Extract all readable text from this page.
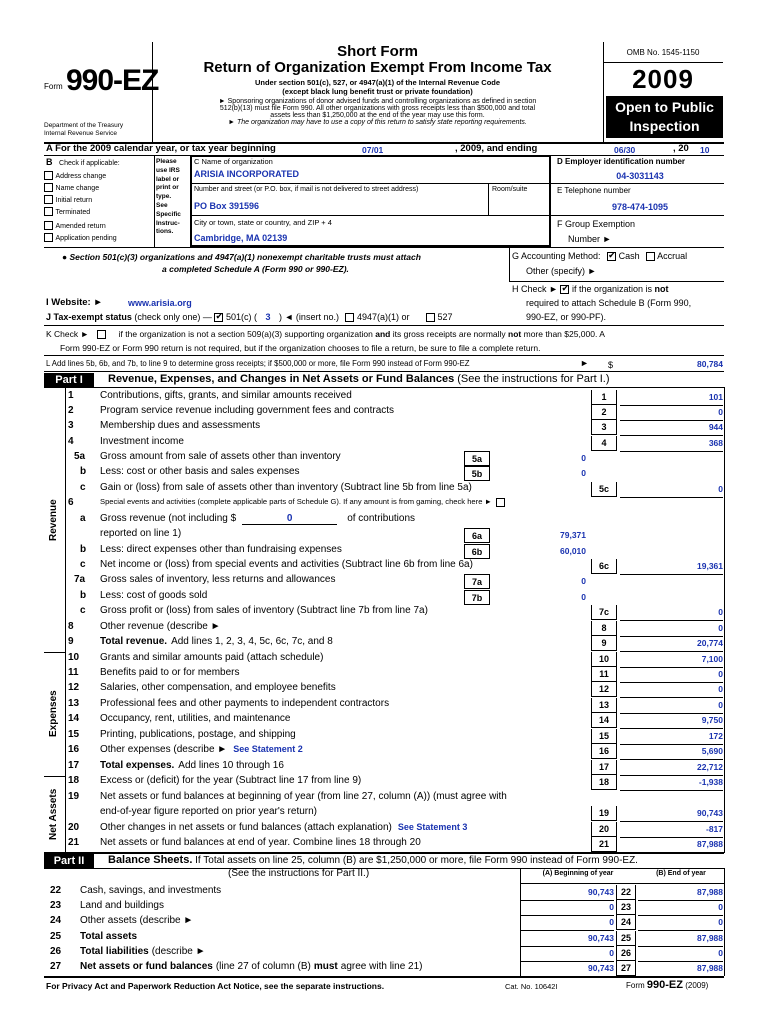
Form 990-EZ
Department of the Treasury
Internal Revenue Service
Short Form
Return of Organization Exempt From Income Tax
Under section 501(c), 527, or 4947(a)(1) of the Internal Revenue Code
(except black lung benefit trust or private foundation)
► Sponsoring organizations of donor advised funds and controlling organizations as defined in section
512(b)(13) must file Form 990. All other organizations with gross receipts less than $500,000 and total
assets less than $1,250,000 at the end of the year may use this form.
► The organization may have to use a copy of this return to satisfy state reporting requirements.
OMB No. 1545-1150
2009
Open to Public
Inspection
A For the 2009 calendar year, or tax year beginning	07/01	, 2009, and ending	06/30	, 20 10
B Check if applicable:
Address change
Name change
Initial return
Terminated
Amended return
Application pending
Please
use IRS
label or
print or
type.
See
Specific
Instruc-
tions.
C Name of organization
ARISIA INCORPORATED
Number and street (or P.O. box, if mail is not delivered to street address)	Room/suite
PO Box 391596
City or town, state or country, and ZIP + 4
Cambridge, MA 02139
D Employer identification number
04-3031143
E Telephone number
978-474-1095
F Group Exemption
Number ►
● Section 501(c)(3) organizations and 4947(a)(1) nonexempt charitable trusts must attach
a completed Schedule A (Form 990 or 990-EZ).
G Accounting Method: ✔ Cash Accrual
Other (specify) ►
H Check ► ✔ if the organization is not
required to attach Schedule B (Form 990,
990-EZ, or 990-PF).
I Website: ►	www.arisia.org
J Tax-exempt status (check only one) — ✔ 501(c) ( 3 ) ◄ (insert no.) 4947(a)(1) or	527
K Check ►	if the organization is not a section 509(a)(3) supporting organization and its gross receipts are normally not more than $25,000. A
Form 990-EZ or Form 990 return is not required, but if the organization chooses to file a return, be sure to file a complete return.
L Add lines 5b, 6b, and 7b, to line 9 to determine gross receipts; if $500,000 or more, file Form 990 instead of Form 990-EZ	► $	80,784
Part I	Revenue, Expenses, and Changes in Net Assets or Fund Balances (See the instructions for Part I.)
Revenue
Expenses
Net Assets
1	Contributions, gifts, grants, and similar amounts received	1	101
2	Program service revenue including government fees and contracts	2	0
3	Membership dues and assessments	3	944
4	Investment income	4	368
5a	Gross amount from sale of assets other than inventory	5a	0
b	Less: cost or other basis and sales expenses	5b	0
c	Gain or (loss) from sale of assets other than inventory (Subtract line 5b from line 5a)	5c	0
6	Special events and activities (complete applicable parts of Schedule G). If any amount is from gaming, check here ►
a	Gross revenue (not including $	0	of contributions
reported on line 1)	6a	79,371
b	Less: direct expenses other than fundraising expenses	6b	60,010
c	Net income or (loss) from special events and activities (Subtract line 6b from line 6a)	6c	19,361
7a	Gross sales of inventory, less returns and allowances	7a	0
b	Less: cost of goods sold	7b	0
c	Gross profit or (loss) from sales of inventory (Subtract line 7b from line 7a)	7c	0
8	Other revenue (describe ►	8	0
9	Total revenue. Add lines 1, 2, 3, 4, 5c, 6c, 7c, and 8	9	20,774
10	Grants and similar amounts paid (attach schedule)	10	7,100
11	Benefits paid to or for members	11	0
12	Salaries, other compensation, and employee benefits	12	0
13	Professional fees and other payments to independent contractors	13	0
14	Occupancy, rent, utilities, and maintenance	14	9,750
15	Printing, publications, postage, and shipping	15	172
16	Other expenses (describe ► See Statement 2	16	5,690
17	Total expenses. Add lines 10 through 16	17	22,712
18	Excess or (deficit) for the year (Subtract line 17 from line 9)	18	-1,938
19	Net assets or fund balances at beginning of year (from line 27, column (A)) (must agree with
end-of-year figure reported on prior year's return)	19	90,743
20	Other changes in net assets or fund balances (attach explanation) See Statement 3	20	-817
21	Net assets or fund balances at end of year. Combine lines 18 through 20	21	87,988
Part II	Balance Sheets. If Total assets on line 25, column (B) are $1,250,000 or more, file Form 990 instead of Form 990-EZ.
(See the instructions for Part II.)	(A) Beginning of year	(B) End of year
22 Cash, savings, and investments	90,743 22	87,988
23 Land and buildings	0 23	0
24 Other assets (describe ►	0 24	0
25 Total assets	90,743 25	87,988
26 Total liabilities (describe ►	0 26	0
27 Net assets or fund balances (line 27 of column (B) must agree with line 21)	90,743 27	87,988
For Privacy Act and Paperwork Reduction Act Notice, see the separate instructions.	Cat. No. 10642I	Form 990-EZ (2009)
